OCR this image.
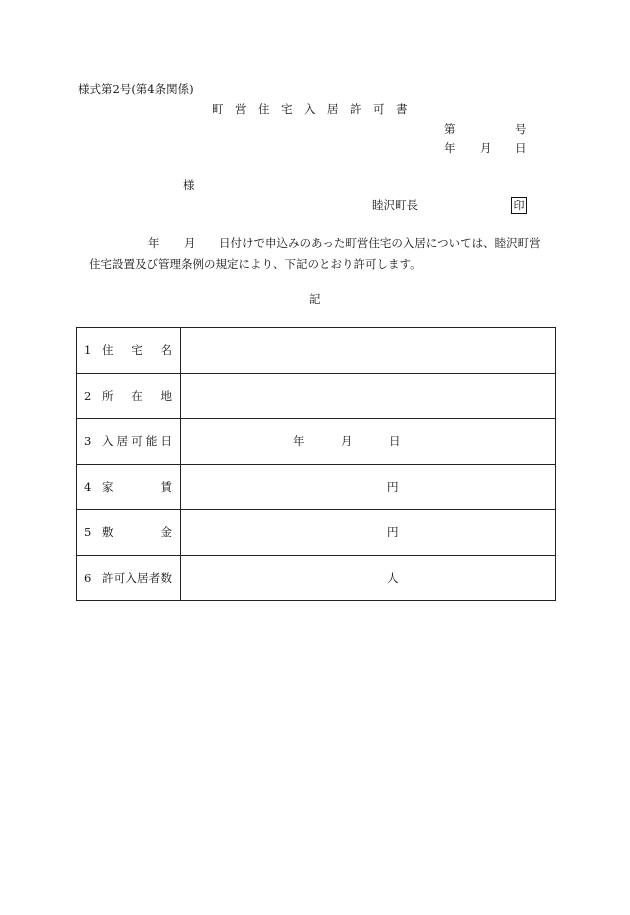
様式第2号(第4条関係)
町　営　住　宅　入　居　許　可　書
第	号
年 月 日
様
睦沢町長	印
年 月 日付けで申込みのあった町営住宅の入居については、睦沢町営
住宅設置及び管理条例の規定により、下記のとおり許可します。
記
1 住宅名	

2 所在地	

3 入居可能日	年 月 日

4 家賃	円

5 敷金	円

6 許可入居者数	人
